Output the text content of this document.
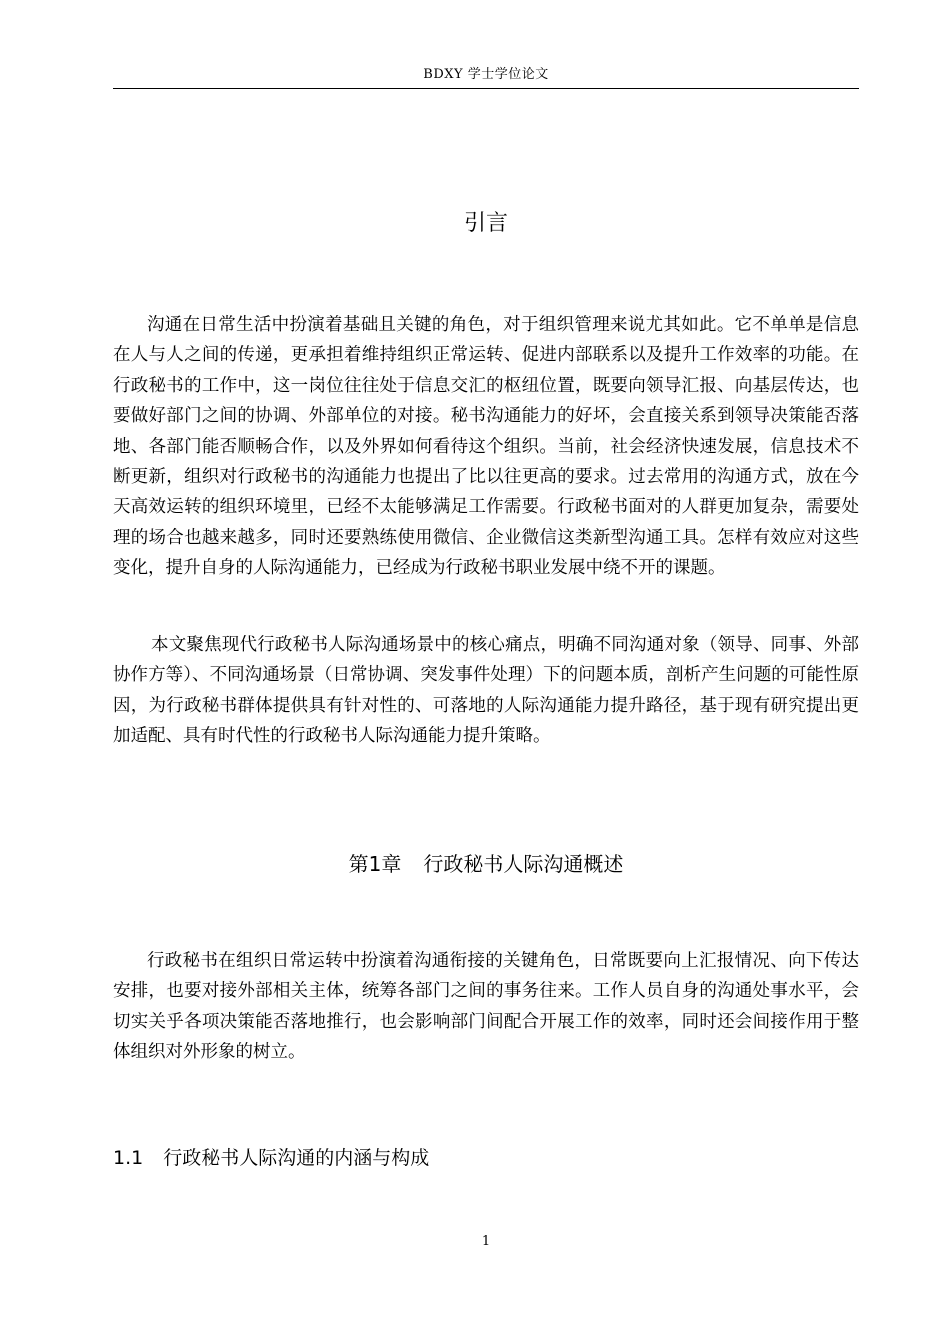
BDXY 学士学位论文
引言

沟通在日常生活中扮演着基础且关键的角色，对于组织管理来说尤其如此。它不单单是信息在人与人之间的传递，更承担着维持组织正常运转、促进内部联系以及提升工作效率的功能。在行政秘书的工作中，这一岗位往往处于信息交汇的枢纽位置，既要向领导汇报、向基层传达，也要做好部门之间的协调、外部单位的对接。秘书沟通能力的好坏，会直接关系到领导决策能否落地、各部门能否顺畅合作，以及外界如何看待这个组织。当前，社会经济快速发展，信息技术不断更新，组织对行政秘书的沟通能力也提出了比以往更高的要求。过去常用的沟通方式，放在今天高效运转的组织环境里，已经不太能够满足工作需要。行政秘书面对的人群更加复杂，需要处理的场合也越来越多，同时还要熟练使用微信、企业微信这类新型沟通工具。怎样有效应对这些变化，提升自身的人际沟通能力，已经成为行政秘书职业发展中绕不开的课题。

本文聚焦现代行政秘书人际沟通场景中的核心痛点，明确不同沟通对象（领导、同事、外部协作方等）、不同沟通场景（日常协调、突发事件处理）下的问题本质，剖析产生问题的可能性原因，为行政秘书群体提供具有针对性的、可落地的人际沟通能力提升路径，基于现有研究提出更加适配、具有时代性的行政秘书人际沟通能力提升策略。

第1章 行政秘书人际沟通概述

行政秘书在组织日常运转中扮演着沟通衔接的关键角色，日常既要向上汇报情况、向下传达安排，也要对接外部相关主体，统筹各部门之间的事务往来。工作人员自身的沟通处事水平，会切实关乎各项决策能否落地推行，也会影响部门间配合开展工作的效率，同时还会间接作用于整体组织对外形象的树立。

1.1 行政秘书人际沟通的内涵与构成
1
